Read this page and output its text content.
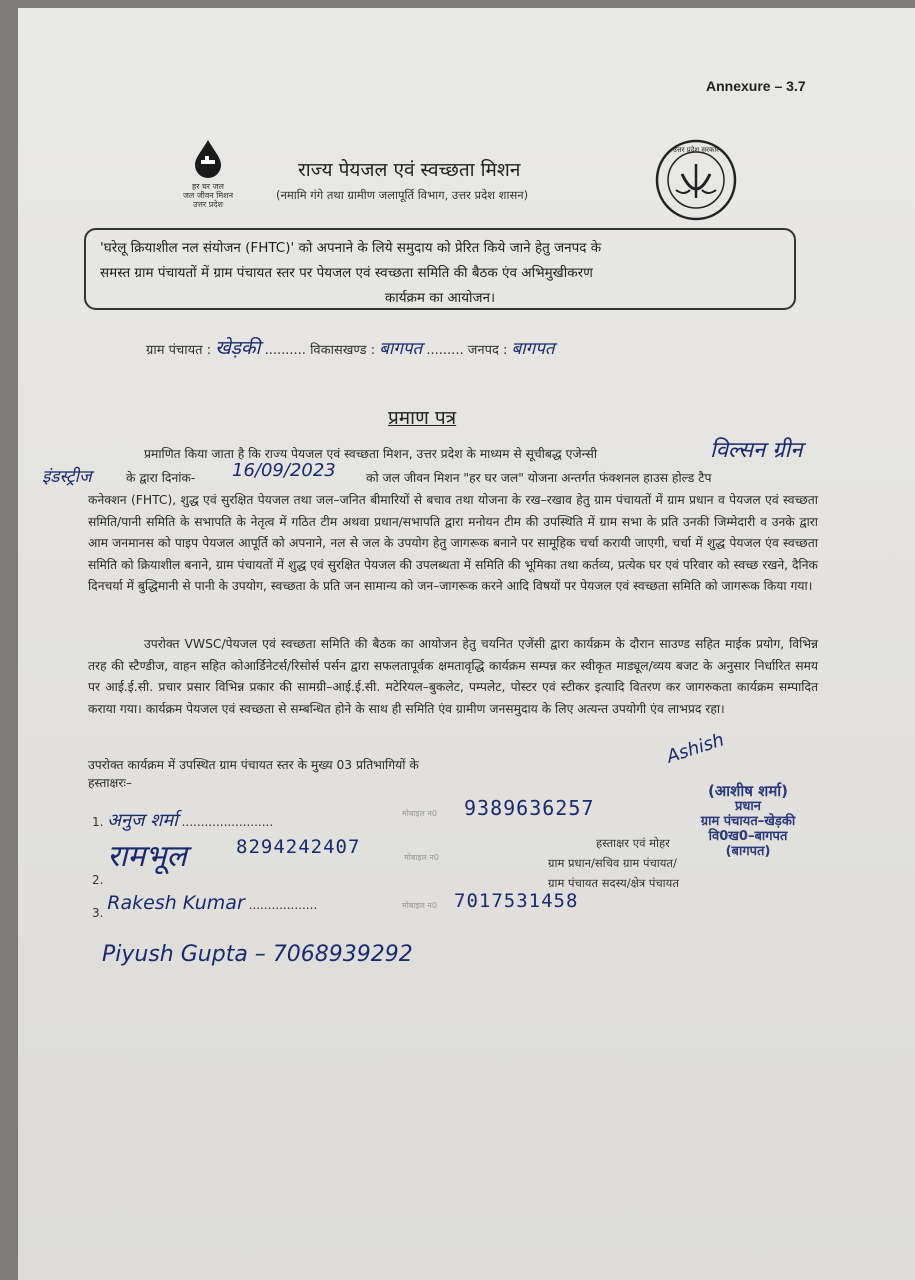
Annexure – 3.7
हर घर जल
जल जीवन मिशन
उत्तर प्रदेश
राज्य पेयजल एवं स्वच्छता मिशन
(नमामि गंगे तथा ग्रामीण जलापूर्ति विभाग, उत्तर प्रदेश शासन)
उत्तर प्रदेश सरकार
'घरेलू क्रियाशील नल संयोजन (FHTC)' को अपनाने के लिये समुदाय को प्रेरित किये जाने हेतु जनपद के
समस्त ग्राम पंचायतों में ग्राम पंचायत स्तर पर पेयजल एवं स्वच्छता समिति की बैठक एंव अभिमुखीकरण
कार्यक्रम का आयोजन।
ग्राम पंचायत : खेड़की .......... विकासखण्ड : बागपत ......... जनपद : बागपत
प्रमाण पत्र
विल्सन ग्रीन
प्रमाणित किया जाता है कि राज्य पेयजल एवं स्वच्छता मिशन, उत्तर प्रदेश के माध्यम से सूचीबद्ध एजेन्सी
इंडस्ट्रीज	के द्वारा दिनांक-	16/09/2023 को जल जीवन मिशन "हर घर जल" योजना अन्तर्गत फंक्शनल हाउस होल्ड टैप
कनेक्शन (FHTC), शुद्ध एवं सुरक्षित पेयजल तथा जल–जनित बीमारियों से बचाव तथा योजना के रख–रखाव हेतु ग्राम पंचायतों में ग्राम प्रधान व पेयजल एवं स्वच्छता समिति/पानी समिति के सभापति के नेतृत्व में गठित टीम अथवा प्रधान/सभापति द्वारा मनोयन टीम की उपस्थिति में ग्राम सभा के प्रति उनकी जिम्मेदारी व उनके द्वारा आम जनमानस को पाइप पेयजल आपूर्ति को अपनाने, नल से जल के उपयोग हेतु जागरूक बनाने पर सामूहिक चर्चा करायी जाएगी, चर्चा में शुद्ध पेयजल एंव स्वच्छता समिति को क्रियाशील बनाने, ग्राम पंचायतों में शुद्ध एवं सुरक्षित पेयजल की उपलब्धता में समिति की भूमिका तथा कर्तव्य, प्रत्येक घर एवं परिवार को स्वच्छ रखने, दैनिक दिनचर्या में बुद्धिमानी से पानी के उपयोग, स्वच्छता के प्रति जन सामान्य को जन–जागरूक करने आदि विषयों पर पेयजल एवं स्वच्छता समिति को जागरूक किया गया।
उपरोक्त VWSC/पेयजल एवं स्वच्छता समिति की बैठक का आयोजन हेतु चयनित एजेंसी द्वारा कार्यक्रम के दौरान साउण्ड सहित माईक प्रयोग, विभिन्न तरह की स्टैण्डीज, वाहन सहित कोआर्डिनेटर्स/रिसोर्स पर्सन द्वारा सफलतापूर्वक क्षमतावृद्धि कार्यक्रम सम्पन्न कर स्वीकृत माड्यूल/व्यय बजट के अनुसार निर्धारित समय पर आई.ई.सी. प्रचार प्रसार विभिन्न प्रकार की सामग्री–आई.ई.सी. मटेरियल–बुकलेट, पम्पलेट, पोस्टर एवं स्टीकर इत्यादि वितरण कर जागरुकता कार्यक्रम सम्पादित कराया गया। कार्यक्रम पेयजल एवं स्वच्छता से सम्बन्धित होने के साथ ही समिति एंव ग्रामीण जनसमुदाय के लिए अत्यन्त उपयोगी एंव लाभप्रद रहा।
उपरोक्त कार्यक्रम में उपस्थित ग्राम पंचायत स्तर के मुख्य 03 प्रतिभागियों के
हस्ताक्षरः–
1. अनुज शर्मा ........................
मोबाइल न0 9389636257
2. रामभूल	8294242407	मोबाइल न0
3. Rakesh Kumar ..................	मोबाइल न0 7017531458
Piyush Gupta – 7068939292
Ashish
(आशीष शर्मा)
प्रधान
ग्राम पंचायत–खेड़की
वि0ख0–बागपत
(बागपत)
हस्ताक्षर एवं मोहर
ग्राम प्रधान/सचिव ग्राम पंचायत/
ग्राम पंचायत सदस्य/क्षेत्र पंचायत
